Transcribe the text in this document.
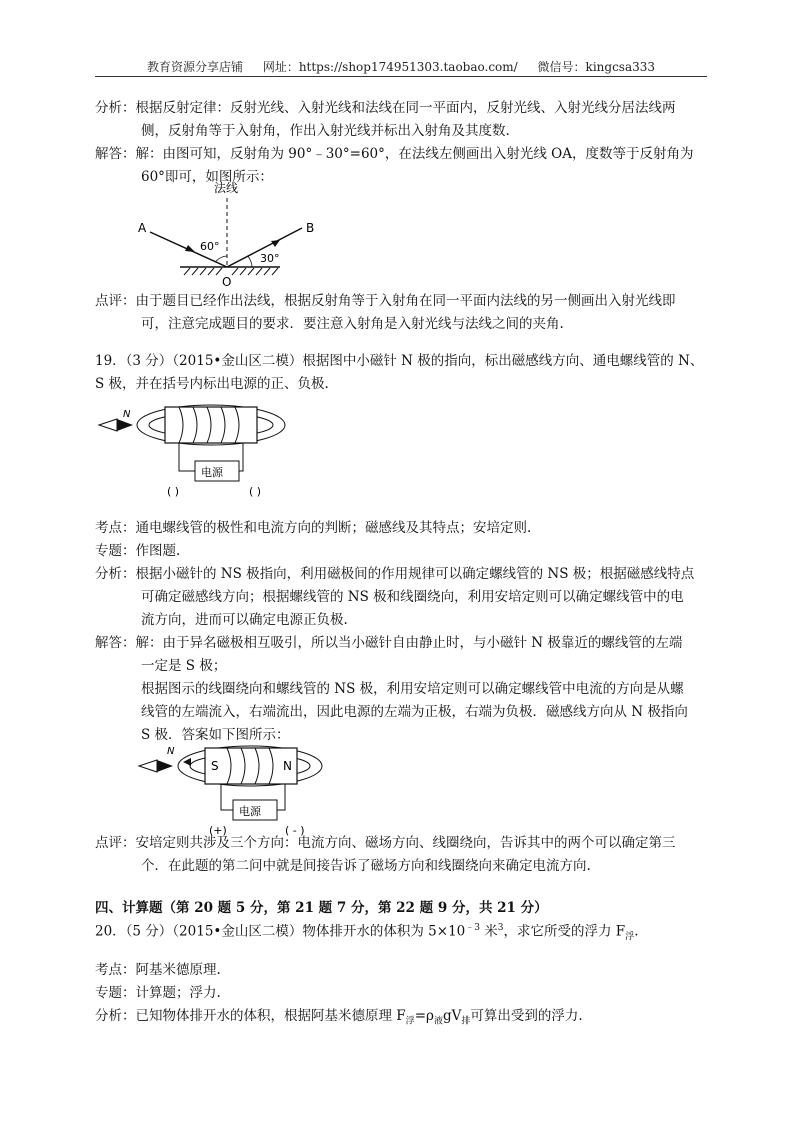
教育资源分享店铺 网址：https://shop174951303.taobao.com/ 微信号：kingcsa333
分析：根据反射定律：反射光线、入射光线和法线在同一平面内，反射光线、入射光线分居法线两
侧，反射角等于入射角，作出入射光线并标出入射角及其度数.
解答：解：由图可知，反射角为 90°﹣30°=60°，在法线左侧画出入射光线 OA，度数等于反射角为
60°即可，如图所示：
法线
A	B
O
60°
30°
点评：由于题目已经作出法线，根据反射角等于入射角在同一平面内法线的另一侧画出入射光线即
可，注意完成题目的要求．要注意入射角是入射光线与法线之间的夹角.
19．（3 分）（2015•金山区二模）根据图中小磁针 N 极的指向，标出磁感线方向、通电螺线管的 N、
S 极，并在括号内标出电源的正、负极.
N
电源
( )	( )
考点：通电螺线管的极性和电流方向的判断；磁感线及其特点；安培定则.
专题：作图题.
分析：根据小磁针的 NS 极指向，利用磁极间的作用规律可以确定螺线管的 NS 极；根据磁感线特点
可确定磁感线方向；根据螺线管的 NS 极和线圈绕向，利用安培定则可以确定螺线管中的电
流方向，进而可以确定电源正负极.
解答：解：由于异名磁极相互吸引，所以当小磁针自由静止时，与小磁针 N 极靠近的螺线管的左端
一定是 S 极；
根据图示的线圈绕向和螺线管的 NS 极，利用安培定则可以确定螺线管中电流的方向是从螺
线管的左端流入，右端流出，因此电源的左端为正极，右端为负极．磁感线方向从 N 极指向
S 极．答案如下图所示：
N
S	N
电源
(+)	( - )
点评：安培定则共涉及三个方向：电流方向、磁场方向、线圈绕向，告诉其中的两个可以确定第三
个．在此题的第二问中就是间接告诉了磁场方向和线圈绕向来确定电流方向.
四、计算题（第 20 题 5 分，第 21 题 7 分，第 22 题 9 分，共 21 分）
20．（5 分）（2015•金山区二模）物体排开水的体积为 $5\times 10^{﹣3}$ 米$^3$，求它所受的浮力 $F_浮$.
考点：阿基米德原理.
专题：计算题；浮力.
分析：已知物体排开水的体积，根据阿基米德原理 $F_浮=\rho_液gV_排$可算出受到的浮力.
